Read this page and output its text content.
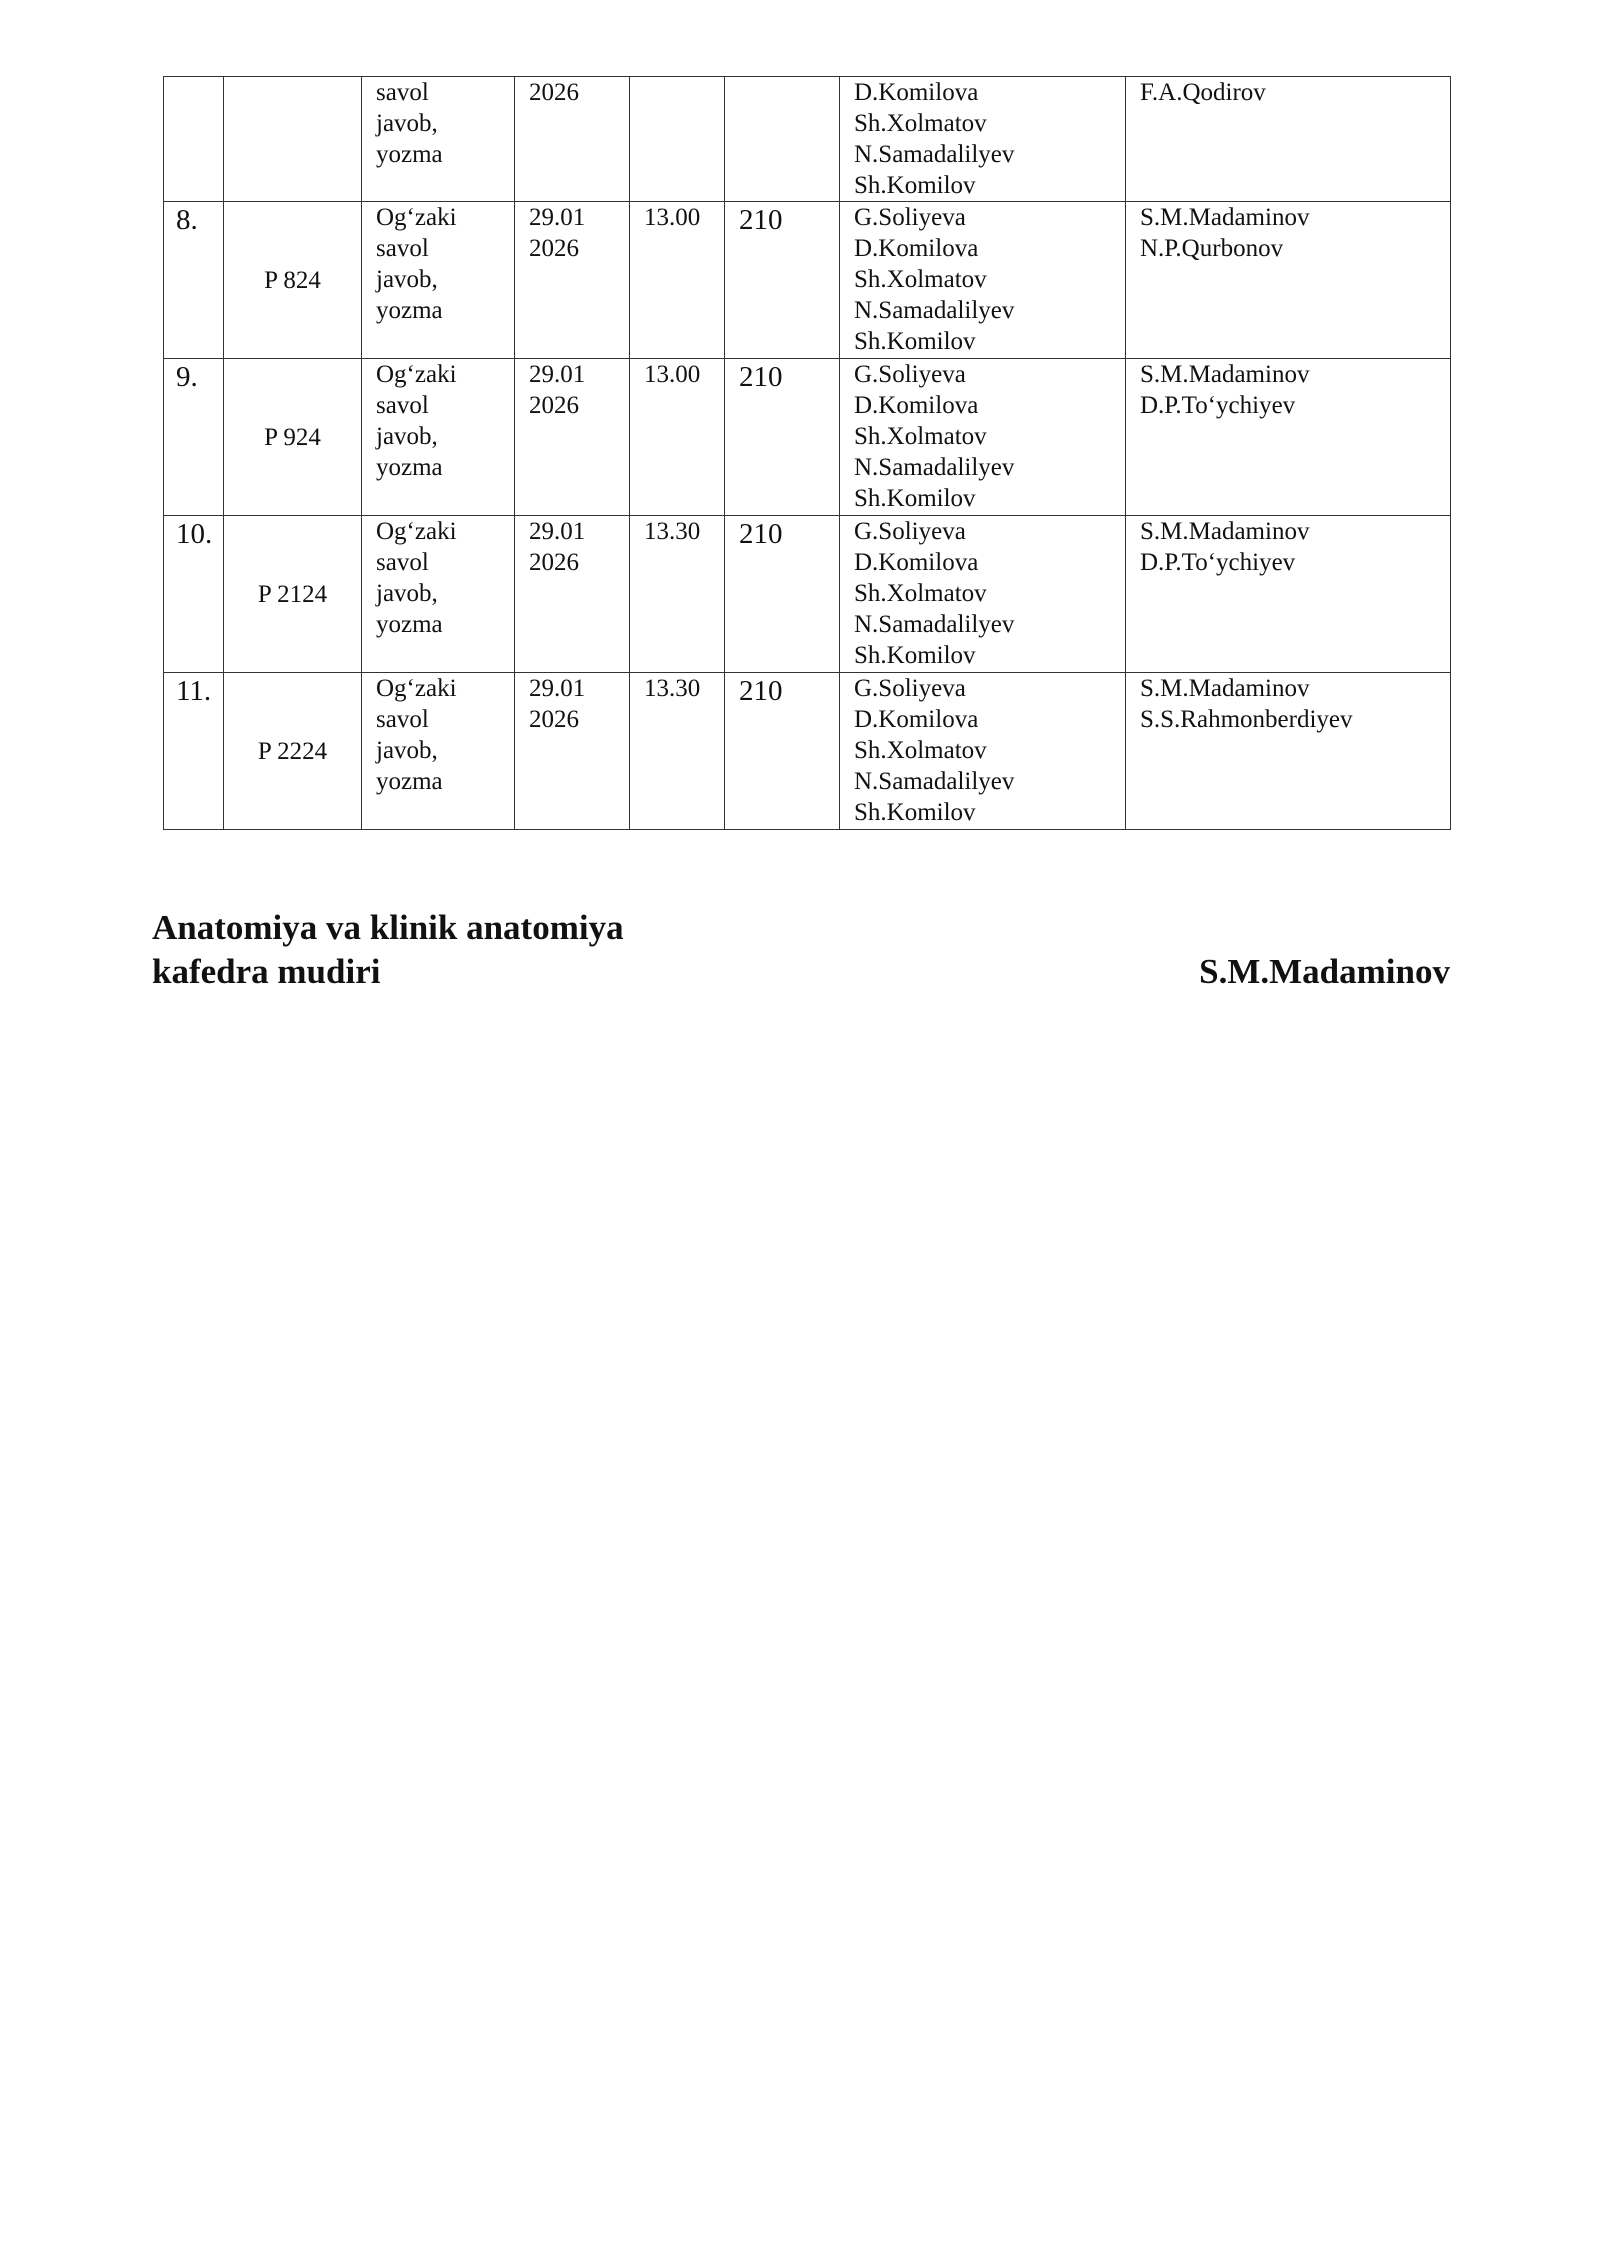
		savol
javob,
yozma	2026			D.Komilova
Sh.Xolmatov
N.Samadalilyev
Sh.Komilov	F.A.Qodirov

8.	P 824	Og‘zaki
savol
javob,
yozma	29.01
2026	13.00	210	G.Soliyeva
D.Komilova
Sh.Xolmatov
N.Samadalilyev
Sh.Komilov	S.M.Madaminov
N.P.Qurbonov

9.	P 924	Og‘zaki
savol
javob,
yozma	29.01
2026	13.00	210	G.Soliyeva
D.Komilova
Sh.Xolmatov
N.Samadalilyev
Sh.Komilov	S.M.Madaminov
D.P.To‘ychiyev

10.	P 2124	Og‘zaki
savol
javob,
yozma	29.01
2026	13.30	210	G.Soliyeva
D.Komilova
Sh.Xolmatov
N.Samadalilyev
Sh.Komilov	S.M.Madaminov
D.P.To‘ychiyev

11.	P 2224	Og‘zaki
savol
javob,
yozma	29.01
2026	13.30	210	G.Soliyeva
D.Komilova
Sh.Xolmatov
N.Samadalilyev
Sh.Komilov	S.M.Madaminov
S.S.Rahmonberdiyev
Anatomiya va klinik anatomiya
kafedra mudiri	S.M.Madaminov
